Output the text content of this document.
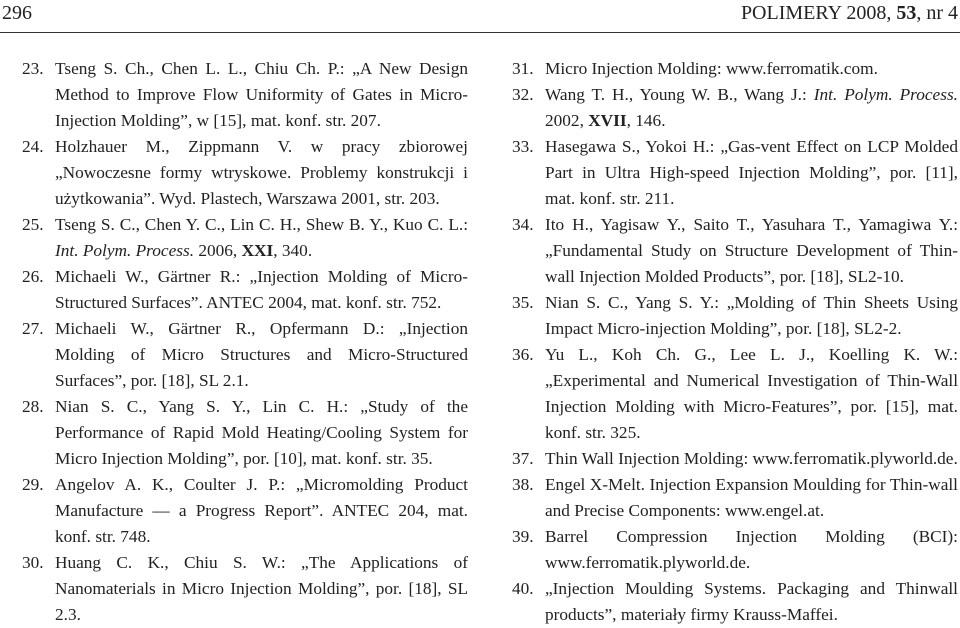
296	POLIMERY 2008, 53, nr 4
23. Tseng S. Ch., Chen L. L., Chiu Ch. P.: „A New Design Method to Improve Flow Uniformity of Gates in Micro-Injection Molding”, w [15], mat. konf. str. 207.
24. Holzhauer M., Zippmann V. w pracy zbiorowej „Nowoczesne formy wtryskowe. Problemy konstrukcji i użytkowania”. Wyd. Plastech, Warszawa 2001, str. 203.
25. Tseng S. C., Chen Y. C., Lin C. H., Shew B. Y., Kuo C. L.: Int. Polym. Process. 2006, XXI, 340.
26. Michaeli W., Gärtner R.: „Injection Molding of Micro-Structured Surfaces”. ANTEC 2004, mat. konf. str. 752.
27. Michaeli W., Gärtner R., Opfermann D.: „Injection Molding of Micro Structures and Micro-Structured Surfaces”, por. [18], SL 2.1.
28. Nian S. C., Yang S. Y., Lin C. H.: „Study of the Performance of Rapid Mold Heating/Cooling System for Micro Injection Molding”, por. [10], mat. konf. str. 35.
29. Angelov A. K., Coulter J. P.: „Micromolding Product Manufacture — a Progress Report”. ANTEC 204, mat. konf. str. 748.
30. Huang C. K., Chiu S. W.: „The Applications of Nanomaterials in Micro Injection Molding”, por. [18], SL 2.3.
31. Micro Injection Molding: www.ferromatik.com.
32. Wang T. H., Young W. B., Wang J.: Int. Polym. Process. 2002, XVII, 146.
33. Hasegawa S., Yokoi H.: „Gas-vent Effect on LCP Molded Part in Ultra High-speed Injection Molding”, por. [11], mat. konf. str. 211.
34. Ito H., Yagisaw Y., Saito T., Yasuhara T., Yamagiwa Y.: „Fundamental Study on Structure Development of Thin-wall Injection Molded Products”, por. [18], SL2-10.
35. Nian S. C., Yang S. Y.: „Molding of Thin Sheets Using Impact Micro-injection Molding”, por. [18], SL2-2.
36. Yu L., Koh Ch. G., Lee L. J., Koelling K. W.: „Experimental and Numerical Investigation of Thin-Wall Injection Molding with Micro-Features”, por. [15], mat. konf. str. 325.
37. Thin Wall Injection Molding: www.ferromatik.plyworld.de.
38. Engel X-Melt. Injection Expansion Moulding for Thin-wall and Precise Components: www.engel.at.
39. Barrel Compression Injection Molding (BCI): www.ferromatik.plyworld.de.
40. „Injection Moulding Systems. Packaging and Thinwall products”, materiały firmy Krauss-Maffei.
